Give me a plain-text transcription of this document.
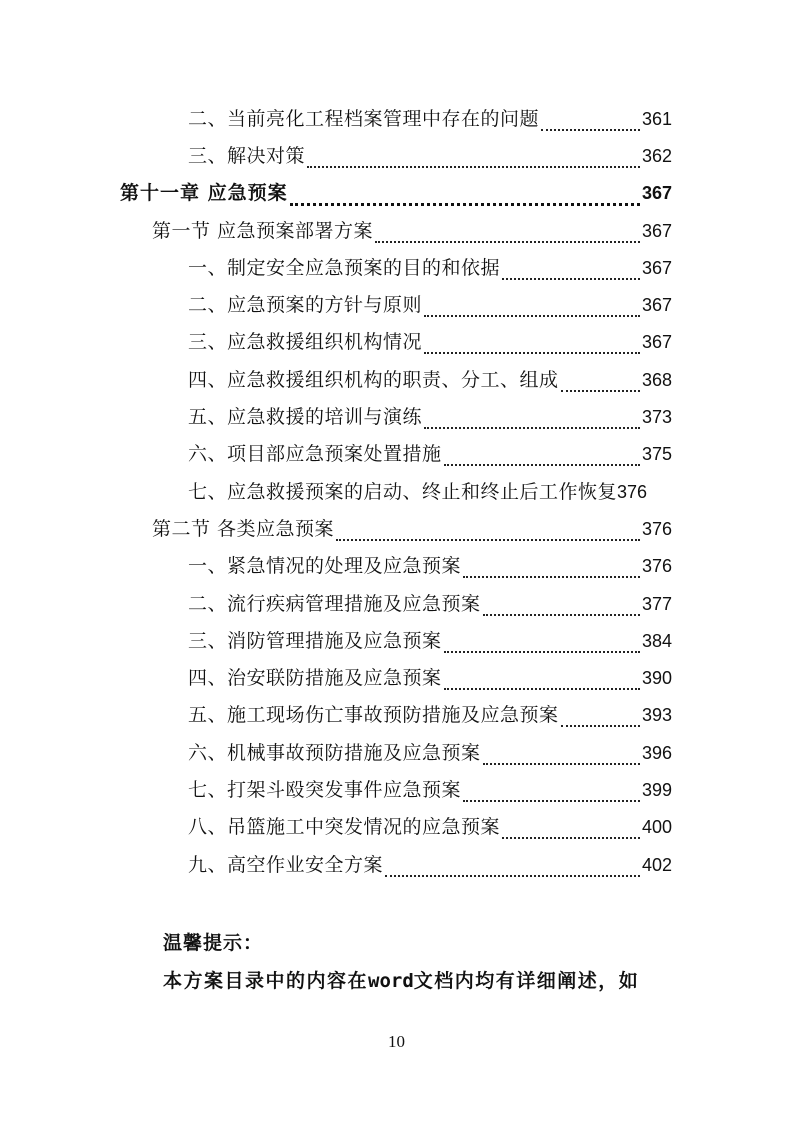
二、当前亮化工程档案管理中存在的问题	361
三、解决对策	362
第十一章 应急预案	367
第一节 应急预案部署方案	367
一、制定安全应急预案的目的和依据	367
二、应急预案的方针与原则	367
三、应急救援组织机构情况	367
四、应急救援组织机构的职责、分工、组成	368
五、应急救援的培训与演练	373
六、项目部应急预案处置措施	375
七、应急救援预案的启动、终止和终止后工作恢复 376
第二节 各类应急预案	376
一、紧急情况的处理及应急预案	376
二、流行疾病管理措施及应急预案	377
三、消防管理措施及应急预案	384
四、治安联防措施及应急预案	390
五、施工现场伤亡事故预防措施及应急预案	393
六、机械事故预防措施及应急预案	396
七、打架斗殴突发事件应急预案	399
八、吊篮施工中突发情况的应急预案	400
九、高空作业安全方案	402
温馨提示：
本方案目录中的内容在word文档内均有详细阐述，如
10
